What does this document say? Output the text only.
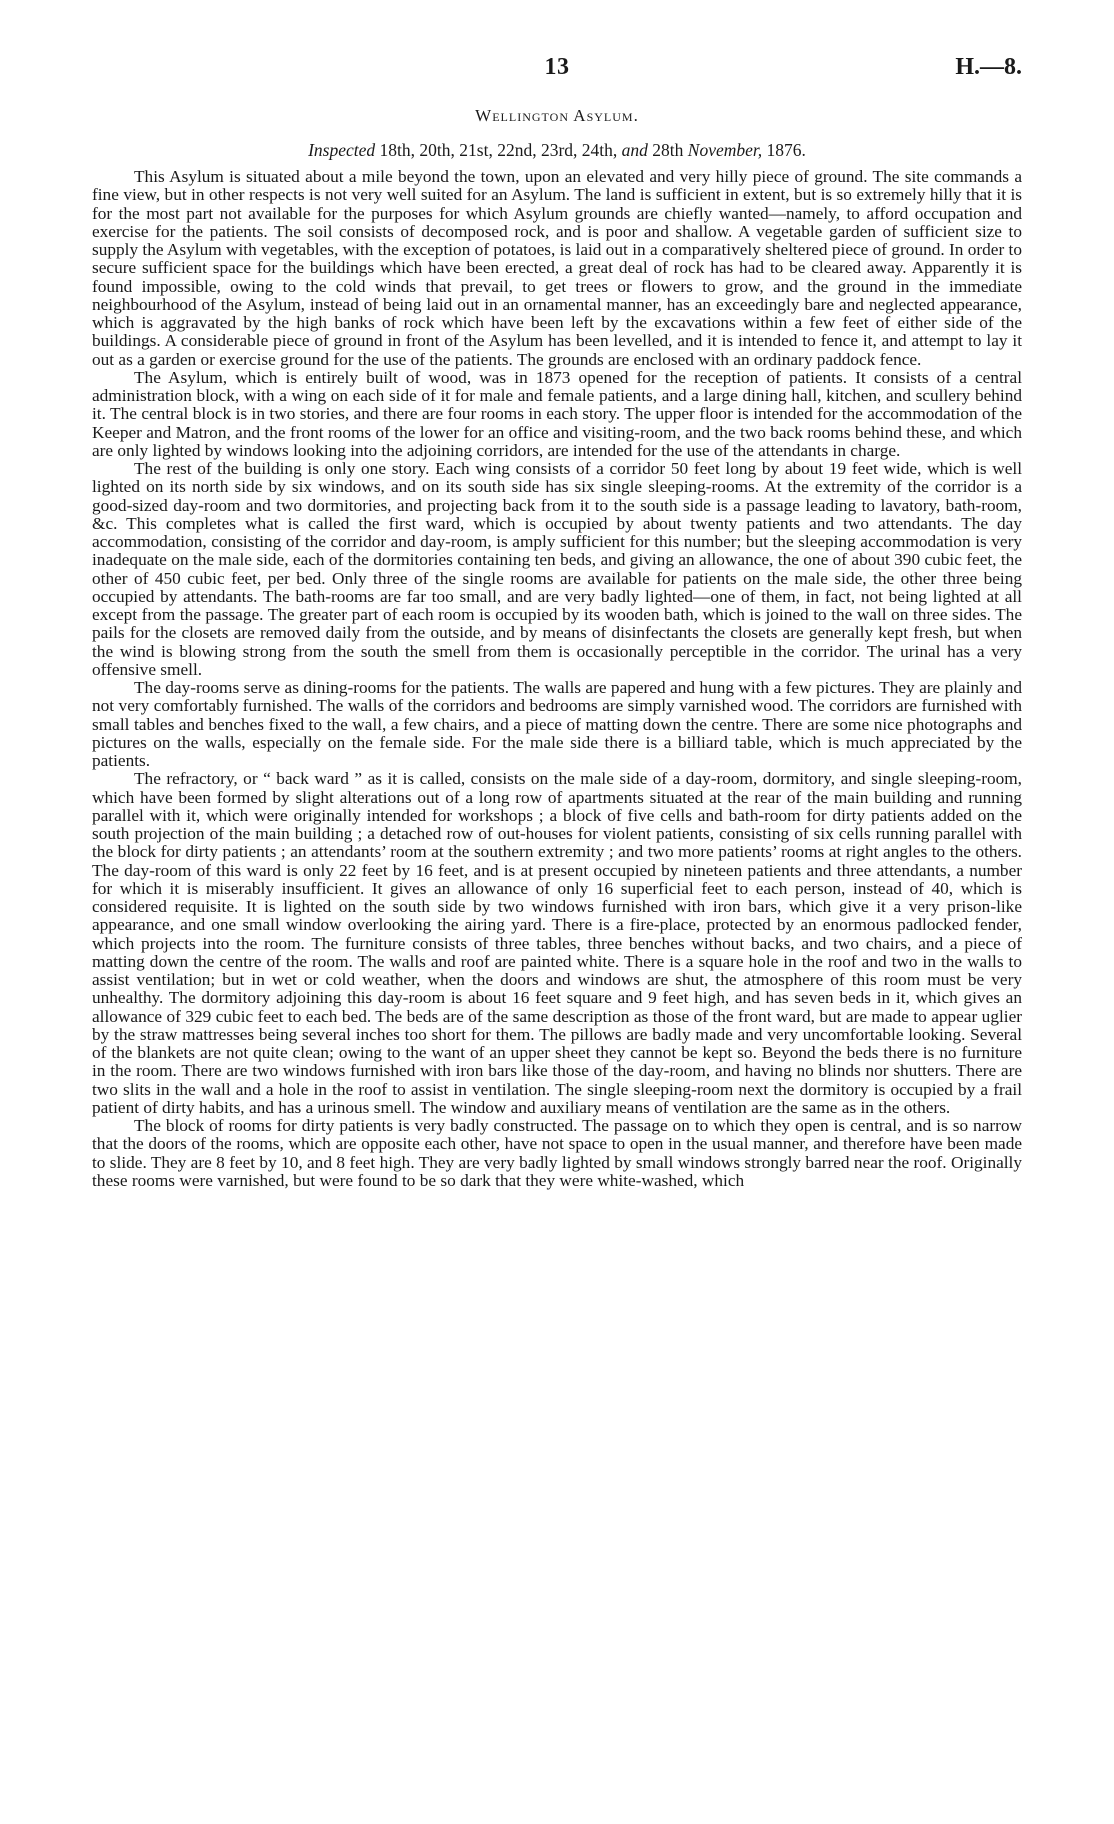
13	H.—8.
Wellington Asylum.
Inspected 18th, 20th, 21st, 22nd, 23rd, 24th, and 28th November, 1876.

This Asylum is situated about a mile beyond the town, upon an elevated and very hilly piece of ground. The site commands a fine view, but in other respects is not very well suited for an Asylum. The land is sufficient in extent, but is so extremely hilly that it is for the most part not available for the purposes for which Asylum grounds are chiefly wanted—namely, to afford occupation and exercise for the patients. The soil consists of decomposed rock, and is poor and shallow. A vegetable garden of sufficient size to supply the Asylum with vegetables, with the exception of potatoes, is laid out in a comparatively sheltered piece of ground. In order to secure sufficient space for the buildings which have been erected, a great deal of rock has had to be cleared away. Apparently it is found impossible, owing to the cold winds that prevail, to get trees or flowers to grow, and the ground in the immediate neighbourhood of the Asylum, instead of being laid out in an ornamental manner, has an exceedingly bare and neglected appearance, which is aggravated by the high banks of rock which have been left by the excavations within a few feet of either side of the buildings. A considerable piece of ground in front of the Asylum has been levelled, and it is intended to fence it, and attempt to lay it out as a garden or exercise ground for the use of the patients. The grounds are enclosed with an ordinary paddock fence.

The Asylum, which is entirely built of wood, was in 1873 opened for the reception of patients. It consists of a central administration block, with a wing on each side of it for male and female patients, and a large dining hall, kitchen, and scullery behind it. The central block is in two stories, and there are four rooms in each story. The upper floor is intended for the accommodation of the Keeper and Matron, and the front rooms of the lower for an office and visiting-room, and the two back rooms behind these, and which are only lighted by windows looking into the adjoining corridors, are intended for the use of the attendants in charge.

The rest of the building is only one story. Each wing consists of a corridor 50 feet long by about 19 feet wide, which is well lighted on its north side by six windows, and on its south side has six single sleeping-rooms. At the extremity of the corridor is a good-sized day-room and two dormitories, and projecting back from it to the south side is a passage leading to lavatory, bath-room, &c. This completes what is called the first ward, which is occupied by about twenty patients and two attendants. The day accommodation, consisting of the corridor and day-room, is amply sufficient for this number; but the sleeping accommodation is very inadequate on the male side, each of the dormitories containing ten beds, and giving an allowance, the one of about 390 cubic feet, the other of 450 cubic feet, per bed. Only three of the single rooms are available for patients on the male side, the other three being occupied by attendants. The bath-rooms are far too small, and are very badly lighted—one of them, in fact, not being lighted at all except from the passage. The greater part of each room is occupied by its wooden bath, which is joined to the wall on three sides. The pails for the closets are removed daily from the outside, and by means of disinfectants the closets are generally kept fresh, but when the wind is blowing strong from the south the smell from them is occasionally perceptible in the corridor. The urinal has a very offensive smell.

The day-rooms serve as dining-rooms for the patients. The walls are papered and hung with a few pictures. They are plainly and not very comfortably furnished. The walls of the corridors and bedrooms are simply varnished wood. The corridors are furnished with small tables and benches fixed to the wall, a few chairs, and a piece of matting down the centre. There are some nice photographs and pictures on the walls, especially on the female side. For the male side there is a billiard table, which is much appreciated by the patients.

The refractory, or “ back ward ” as it is called, consists on the male side of a day-room, dormitory, and single sleeping-room, which have been formed by slight alterations out of a long row of apartments situated at the rear of the main building and running parallel with it, which were originally intended for workshops ; a block of five cells and bath-room for dirty patients added on the south projection of the main building ; a detached row of out-houses for violent patients, consisting of six cells running parallel with the block for dirty patients ; an attendants’ room at the southern extremity ; and two more patients’ rooms at right angles to the others. The day-room of this ward is only 22 feet by 16 feet, and is at present occupied by nineteen patients and three attendants, a number for which it is miserably insufficient. It gives an allowance of only 16 superficial feet to each person, instead of 40, which is considered requisite. It is lighted on the south side by two windows furnished with iron bars, which give it a very prison-like appearance, and one small window overlooking the airing yard. There is a fire-place, protected by an enormous padlocked fender, which projects into the room. The furniture consists of three tables, three benches without backs, and two chairs, and a piece of matting down the centre of the room. The walls and roof are painted white. There is a square hole in the roof and two in the walls to assist ventilation; but in wet or cold weather, when the doors and windows are shut, the atmosphere of this room must be very unhealthy. The dormitory adjoining this day-room is about 16 feet square and 9 feet high, and has seven beds in it, which gives an allowance of 329 cubic feet to each bed. The beds are of the same description as those of the front ward, but are made to appear uglier by the straw mattresses being several inches too short for them. The pillows are badly made and very uncomfortable looking. Several of the blankets are not quite clean; owing to the want of an upper sheet they cannot be kept so. Beyond the beds there is no furniture in the room. There are two windows furnished with iron bars like those of the day-room, and having no blinds nor shutters. There are two slits in the wall and a hole in the roof to assist in ventilation. The single sleeping-room next the dormitory is occupied by a frail patient of dirty habits, and has a urinous smell. The window and auxiliary means of ventilation are the same as in the others.

The block of rooms for dirty patients is very badly constructed. The passage on to which they open is central, and is so narrow that the doors of the rooms, which are opposite each other, have not space to open in the usual manner, and therefore have been made to slide. They are 8 feet by 10, and 8 feet high. They are very badly lighted by small windows strongly barred near the roof. Originally these rooms were varnished, but were found to be so dark that they were white-washed, which
